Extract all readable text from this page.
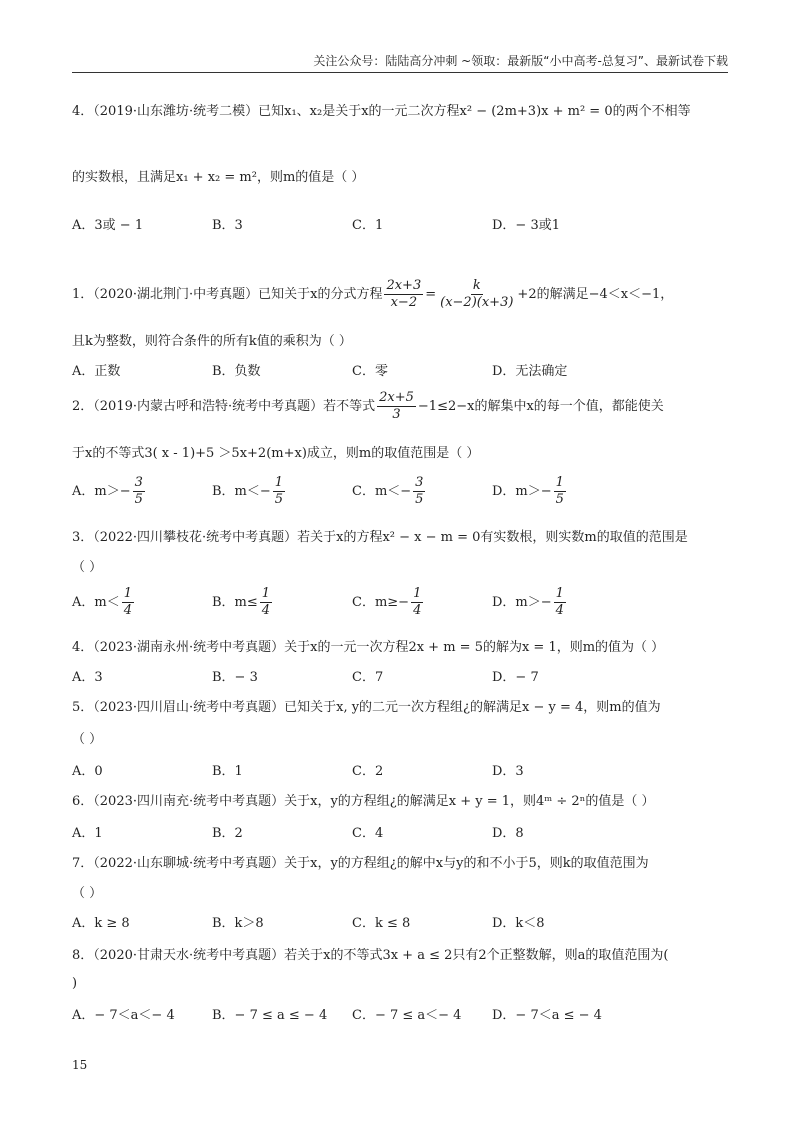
关注公众号：陆陆高分冲刺 ~领取：最新版“小中高考-总复习”、最新试卷下载
4．（2019·山东潍坊·统考二模）已知x₁、x₂是关于x的一元二次方程x² − (2m+3)x + m² = 0的两个不相等
的实数根，且满足x₁ + x₂ = m²，则m的值是（ ）
A．3或 − 1	B．3	C．1	D．− 3或1
1．（2020·湖北荆门·中考真题）已知关于x的分式方程 $\frac{2x+3}{x-2} = \frac{k}{(x-2)(x+3)} +2$的解满足−4＜x＜−1，
且k为整数，则符合条件的所有k值的乘积为（ ）
A．正数	B．负数	C．零	D．无法确定
2．（2019·内蒙古呼和浩特·统考中考真题）若不等式 $\frac{2x+5}{3} -1\le 2-x$的解集中x的每一个值，都能使关
于x的不等式3( x - 1)+5 ＞5x+2(m+x)成立，则m的取值范围是（ ）
A．$m>- \frac{3}{5}$	B．$m<- \frac{1}{5}$	C．$m<- \frac{3}{5}$	D．$m>- \frac{1}{5}$
3．（2022·四川攀枝花·统考中考真题）若关于x的方程x² − x − m = 0有实数根，则实数m的取值的范围是
（ ）
A．$m< \frac{1}{4}$	B．$m\le \frac{1}{4}$	C．$m\ge- \frac{1}{4}$	D．$m>- \frac{1}{4}$
4．（2023·湖南永州·统考中考真题）关于x的一元一次方程2x + m = 5的解为x = 1，则m的值为（ ）
A．3	B．− 3	C．7	D．− 7
5．（2023·四川眉山·统考中考真题）已知关于x, y的二元一次方程组¿的解满足x − y = 4，则m的值为
（ ）
A．0	B．1	C．2	D．3
6．（2023·四川南充·统考中考真题）关于x，y的方程组¿的解满足x + y = 1，则4ᵐ ÷ 2ⁿ的值是（ ）
A．1	B．2	C．4	D．8
7．（2022·山东聊城·统考中考真题）关于x，y的方程组¿的解中x与y的和不小于5，则k的取值范围为
（ ）
A．k ≥ 8	B．k＞8	C．k ≤ 8	D．k＜8
8．（2020·甘肃天水·统考中考真题）若关于x的不等式3x + a ≤ 2只有2个正整数解，则a的取值范围为(
)
A．− 7＜a＜− 4	B．− 7 ≤ a ≤ − 4 C．− 7 ≤ a＜− 4 D．− 7＜a ≤ − 4
15
